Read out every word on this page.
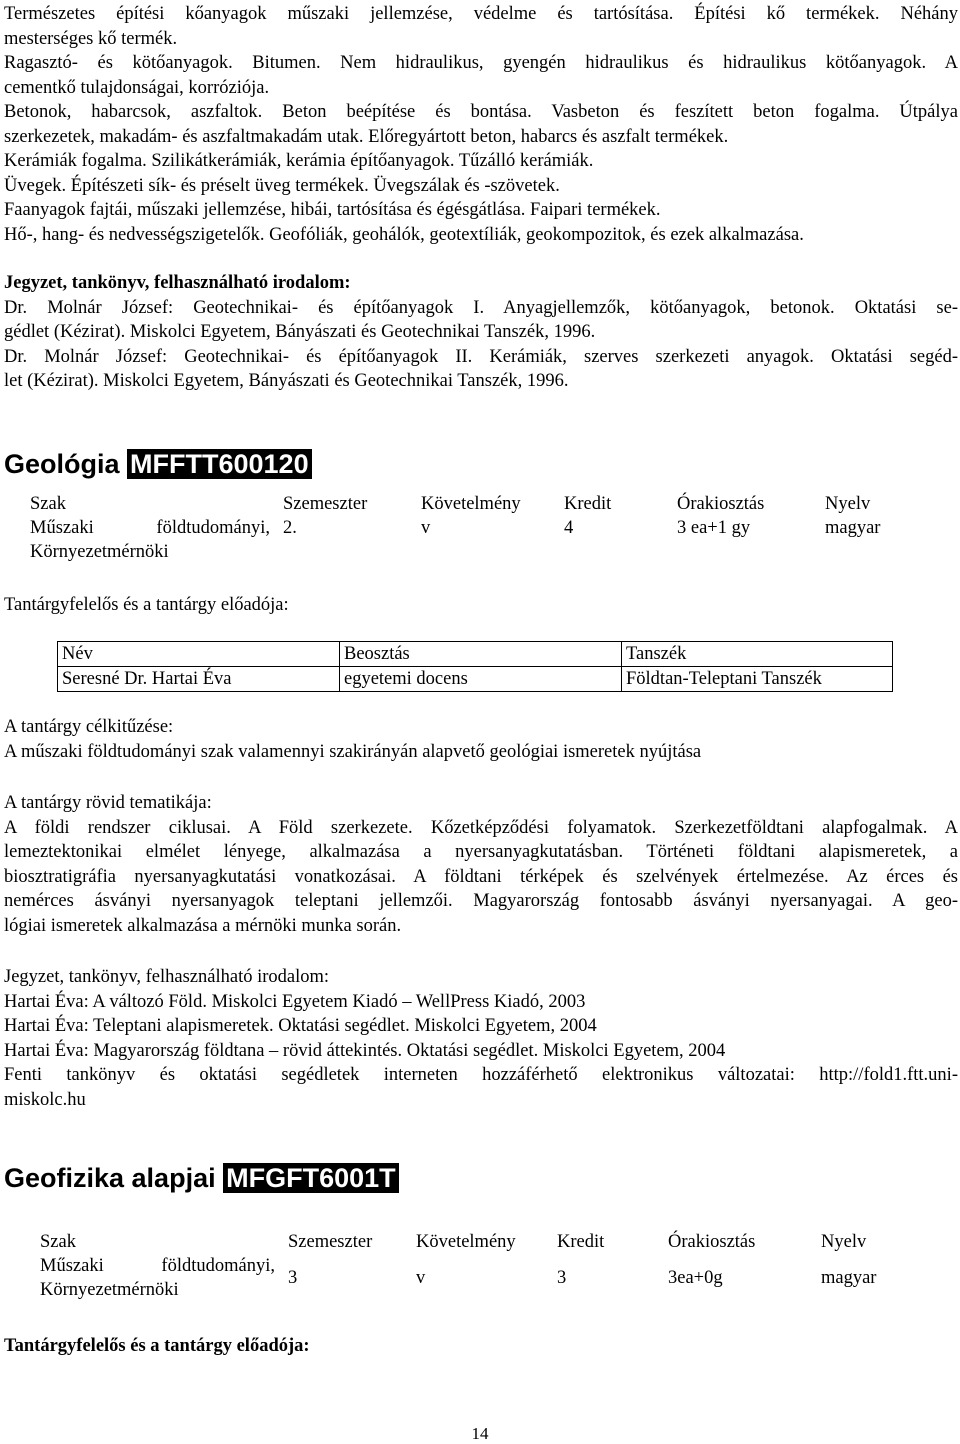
Természetes építési kőanyagok műszaki jellemzése, védelme és tartósítása. Építési kő termékek. Néhány
mesterséges kő termék.
Ragasztó- és kötőanyagok. Bitumen. Nem hidraulikus, gyengén hidraulikus és hidraulikus kötőanyagok. A
cementkő tulajdonságai, korróziója.
Betonok, habarcsok, aszfaltok. Beton beépítése és bontása. Vasbeton és feszített beton fogalma. Útpálya
szerkezetek, makadám- és aszfaltmakadám utak. Előregyártott beton, habarcs és aszfalt termékek.
Kerámiák fogalma. Szilikátkerámiák, kerámia építőanyagok. Tűzálló kerámiák.
Üvegek. Építészeti sík- és préselt üveg termékek. Üvegszálak és -szövetek.
Faanyagok fajtái, műszaki jellemzése, hibái, tartósítása és égésgátlása. Faipari termékek.
Hő-, hang- és nedvességszigetelők. Geofóliák, geohálók, geotextíliák, geokompozitok, és ezek alkalmazása.
Jegyzet, tankönyv, felhasználható irodalom:
Dr. Molnár József: Geotechnikai- és építőanyagok I. Anyagjellemzők, kötőanyagok, betonok. Oktatási se-
gédlet (Kézirat). Miskolci Egyetem, Bányászati és Geotechnikai Tanszék, 1996.
Dr. Molnár József: Geotechnikai- és építőanyagok II. Kerámiák, szerves szerkezeti anyagok. Oktatási segéd-
let (Kézirat). Miskolci Egyetem, Bányászati és Geotechnikai Tanszék, 1996.
Geológia MFFTT600120
Szak	Szemeszter	Követelmény	Kredit	Órakiosztás	Nyelv

Műszaki földtudományi,
Környezetmérnöki	2.	v	4	3 ea+1 gy	magyar
Tantárgyfelelős és a tantárgy előadója:
Név	Beosztás	Tanszék
Seresné Dr. Hartai Éva	egyetemi docens	Földtan-Teleptani Tanszék
A tantárgy célkitűzése:
A műszaki földtudományi szak valamennyi szakirányán alapvető geológiai ismeretek nyújtása
A tantárgy rövid tematikája:
A földi rendszer ciklusai. A Föld szerkezete. Kőzetképződési folyamatok. Szerkezetföldtani alapfogalmak. A
lemeztektonikai elmélet lényege, alkalmazása a nyersanyagkutatásban. Történeti földtani alapismeretek, a
biosztratigráfia nyersanyagkutatási vonatkozásai. A földtani térképek és szelvények értelmezése. Az érces és
nemérces ásványi nyersanyagok teleptani jellemzői. Magyarország fontosabb ásványi nyersanyagai. A geo-
lógiai ismeretek alkalmazása a mérnöki munka során.
Jegyzet, tankönyv, felhasználható irodalom:
Hartai Éva: A változó Föld. Miskolci Egyetem Kiadó – WellPress Kiadó, 2003
Hartai Éva: Teleptani alapismeretek. Oktatási segédlet. Miskolci Egyetem, 2004
Hartai Éva: Magyarország földtana – rövid áttekintés. Oktatási segédlet. Miskolci Egyetem, 2004
Fenti tankönyv és oktatási segédletek interneten hozzáférhető elektronikus változatai: http://fold1.ftt.uni-
miskolc.hu
Geofizika alapjai MFGFT6001T
Szak	Szemeszter	Követelmény	Kredit	Órakiosztás	Nyelv

Műszaki földtudományi,
Környezetmérnöki	3	v	3	3ea+0g	magyar
Tantárgyfelelős és a tantárgy előadója:
14
